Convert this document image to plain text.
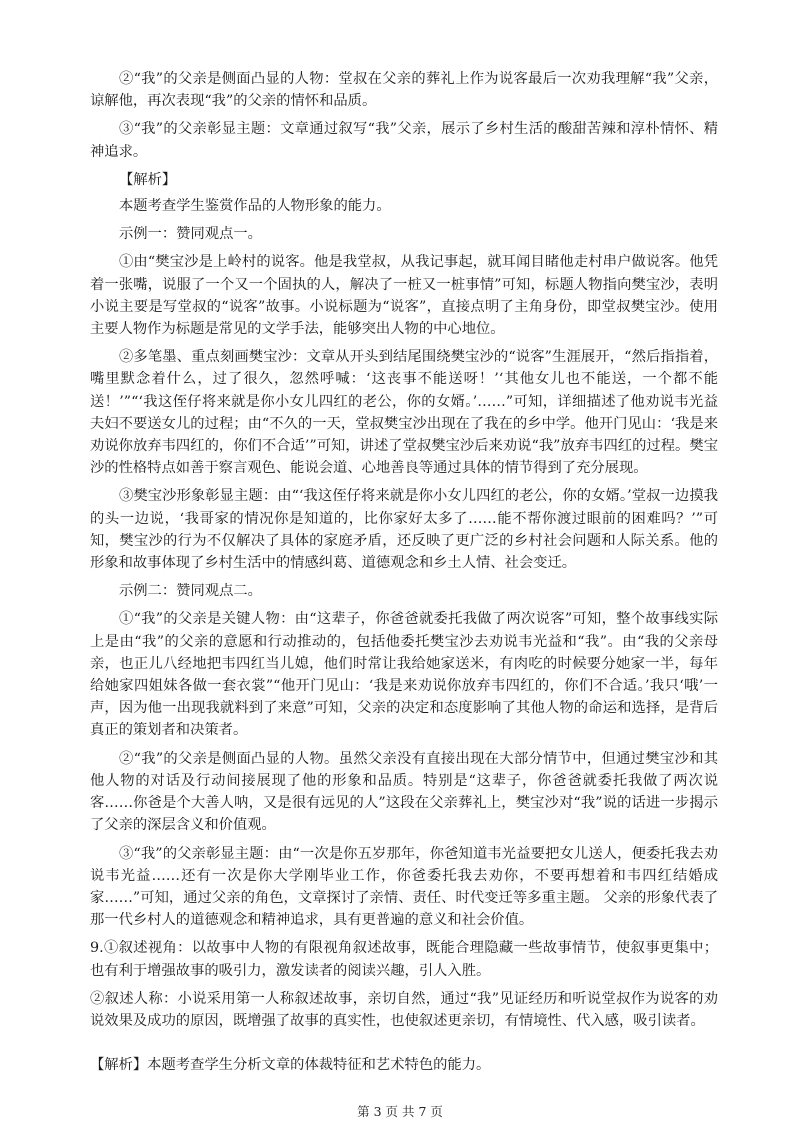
②“我”的父亲是侧面凸显的人物：堂叔在父亲的葬礼上作为说客最后一次劝我理解“我”父亲，谅解他，再次表现“我”的父亲的情怀和品质。

③“我”的父亲彰显主题：文章通过叙写“我”父亲，展示了乡村生活的酸甜苦辣和淳朴情怀、精神追求。

【解析】

本题考查学生鉴赏作品的人物形象的能力。

示例一：赞同观点一。

①由“樊宝沙是上岭村的说客。他是我堂叔，从我记事起，就耳闻目睹他走村串户做说客。他凭着一张嘴，说服了一个又一个固执的人，解决了一桩又一桩事情”可知，标题人物指向樊宝沙，表明小说主要是写堂叔的“说客”故事。小说标题为“说客”，直接点明了主角身份，即堂叔樊宝沙。使用主要人物作为标题是常见的文学手法，能够突出人物的中心地位。

②多笔墨、重点刻画樊宝沙：文章从开头到结尾围绕樊宝沙的“说客”生涯展开，“然后指指着，嘴里默念着什么，过了很久，忽然呼喊：‘这丧事不能送呀！’‘其他女儿也不能送，一个都不能送！’”“‘我这侄仔将来就是你小女儿四红的老公，你的女婿。’……”可知，详细描述了他劝说韦光益夫妇不要送女儿的过程；由“不久的一天，堂叔樊宝沙出现在了我在的乡中学。他开门见山：‘我是来劝说你放弃韦四红的，你们不合适’”可知，讲述了堂叔樊宝沙后来劝说“我”放弃韦四红的过程。樊宝沙的性格特点如善于察言观色、能说会道、心地善良等通过具体的情节得到了充分展现。

③樊宝沙形象彰显主题：由“‘我这侄仔将来就是你小女儿四红的老公，你的女婿。’堂叔一边摸我的头一边说，‘我哥家的情况你是知道的，比你家好太多了……能不帮你渡过眼前的困难吗？’”可知，樊宝沙的行为不仅解决了具体的家庭矛盾，还反映了更广泛的乡村社会问题和人际关系。他的形象和故事体现了乡村生活中的情感纠葛、道德观念和乡土人情、社会变迁。

示例二：赞同观点二。

①“我”的父亲是关键人物：由“这辈子，你爸爸就委托我做了两次说客”可知，整个故事线实际上是由“我”的父亲的意愿和行动推动的，包括他委托樊宝沙去劝说韦光益和“我”。由“我的父亲母亲，也正儿八经地把韦四红当儿媳，他们时常让我给她家送米，有肉吃的时候要分她家一半，每年给她家四姐妹各做一套衣裳”“他开门见山：‘我是来劝说你放弃韦四红的，你们不合适。’我只‘哦’一声，因为他一出现我就料到了来意”可知，父亲的决定和态度影响了其他人物的命运和选择，是背后真正的策划者和决策者。

②“我”的父亲是侧面凸显的人物。虽然父亲没有直接出现在大部分情节中，但通过樊宝沙和其他人物的对话及行动间接展现了他的形象和品质。特别是“这辈子，你爸爸就委托我做了两次说客……你爸是个大善人呐，又是很有远见的人”这段在父亲葬礼上，樊宝沙对“我”说的话进一步揭示了父亲的深层含义和价值观。

③“我”的父亲彰显主题：由“一次是你五岁那年，你爸知道韦光益要把女儿送人，便委托我去劝说韦光益……还有一次是你大学刚毕业工作，你爸委托我去劝你，不要再想着和韦四红结婚成家……”可知，通过父亲的角色，文章探讨了亲情、责任、时代变迁等多重主题。 父亲的形象代表了那一代乡村人的道德观念和精神追求，具有更普遍的意义和社会价值。

9.①叙述视角：以故事中人物的有限视角叙述故事，既能合理隐藏一些故事情节，使叙事更集中；也有利于增强故事的吸引力，激发读者的阅读兴趣，引人入胜。

②叙述人称：小说采用第一人称叙述故事，亲切自然，通过“我”见证经历和听说堂叔作为说客的劝说效果及成功的原因，既增强了故事的真实性，也使叙述更亲切，有情境性、代入感，吸引读者。

【解析】本题考查学生分析文章的体裁特征和艺术特色的能力。

第 3 页 共 7 页
